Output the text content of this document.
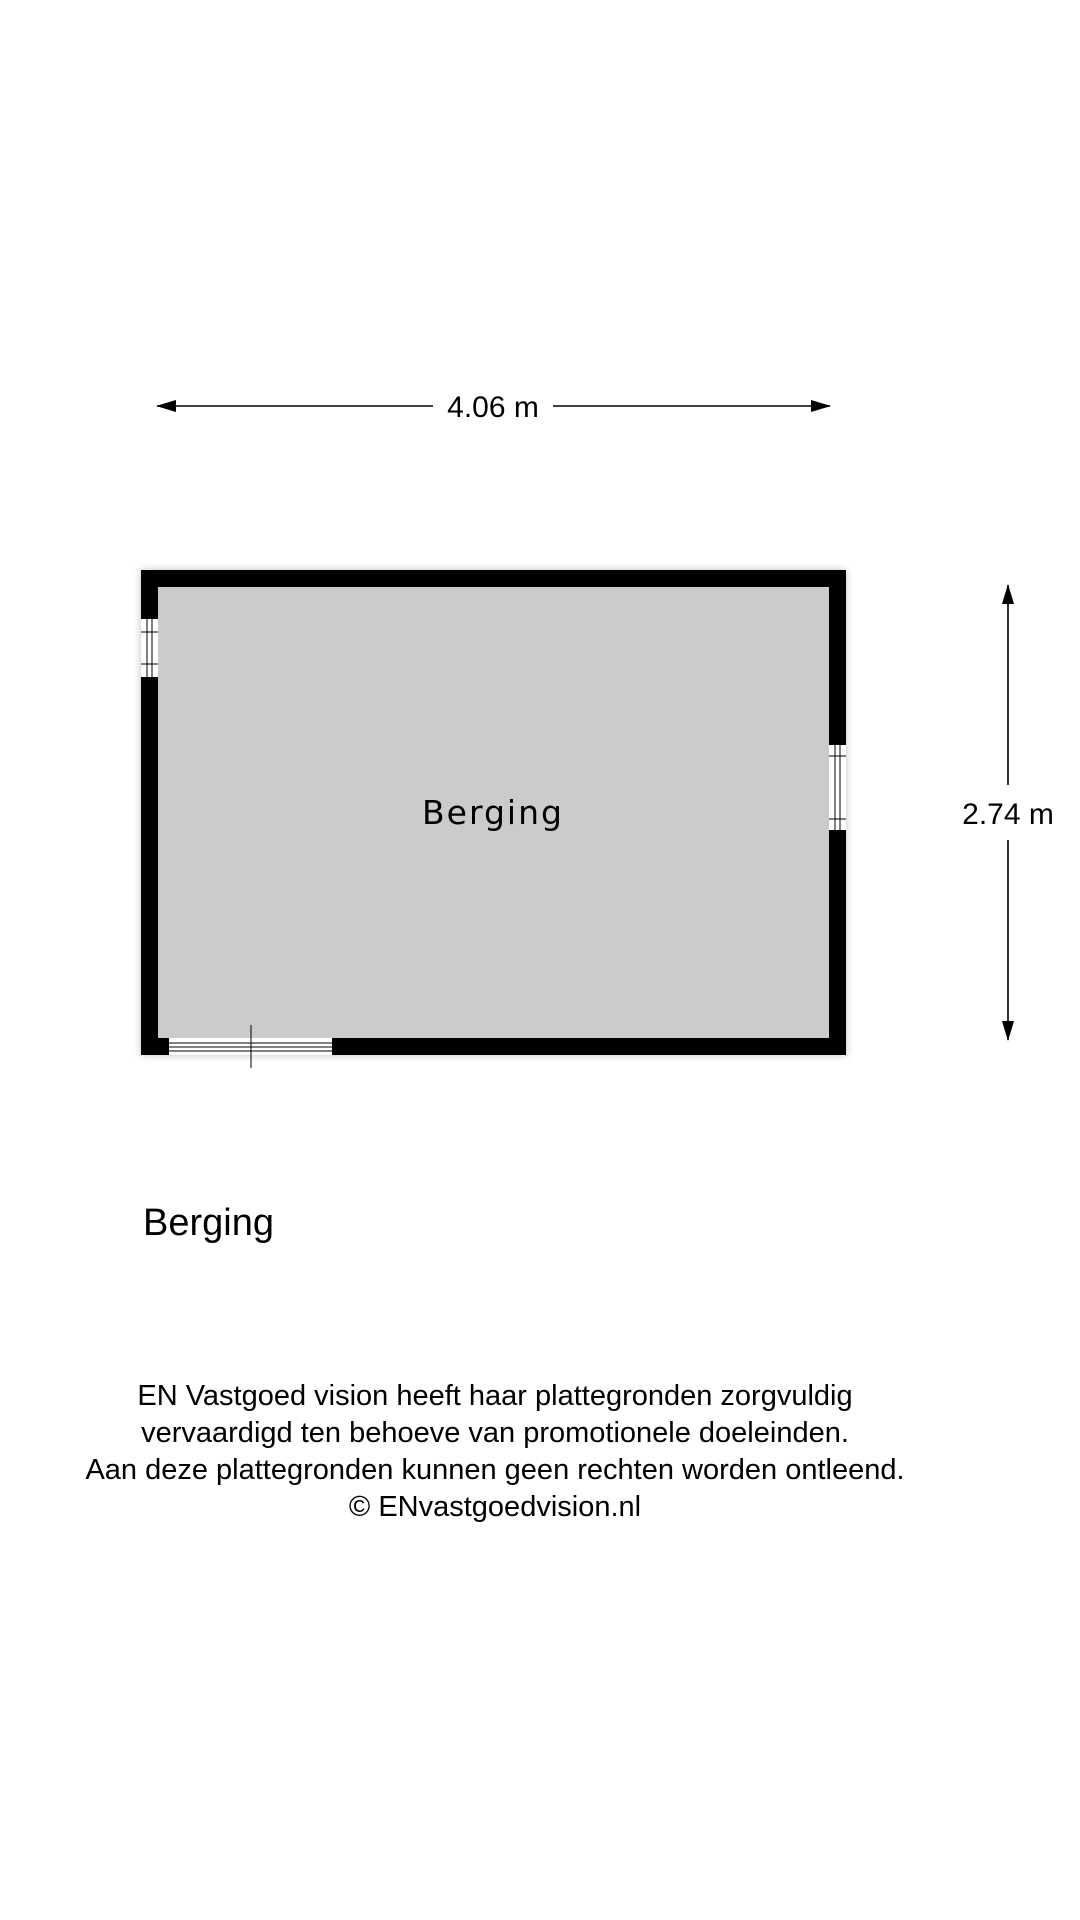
4.06 m
2.74 m
Berging
Berging

EN Vastgoed vision heeft haar plattegronden zorgvuldig
vervaardigd ten behoeve van promotionele doeleinden.
Aan deze plattegronden kunnen geen rechten worden ontleend.
© ENvastgoedvision.nl
